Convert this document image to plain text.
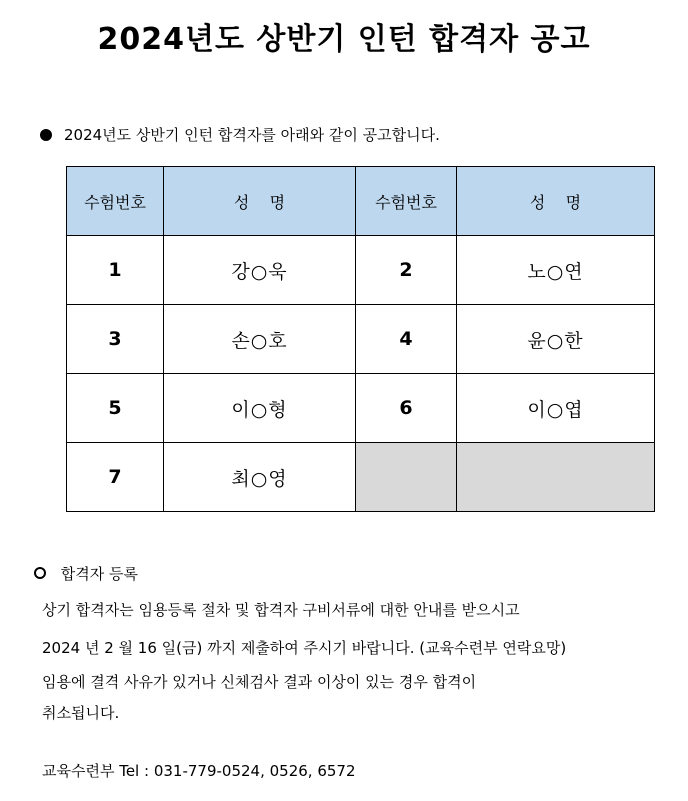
2024년도 상반기 인턴 합격자 공고
2024년도 상반기 인턴 합격자를 아래와 같이 공고합니다.
수험번호	성    명	수험번호	성    명
1	강○욱	2	노○연
3	손○호	4	윤○한
5	이○형	6	이○엽
7	최○영		
합격자 등록
상기 합격자는 임용등록 절차 및 합격자 구비서류에 대한 안내를 받으시고
2024 년 2 월 16 일(금) 까지 제출하여 주시기 바랍니다. (교육수련부 연락요망)
임용에 결격 사유가 있거나 신체검사 결과 이상이 있는 경우 합격이
취소됩니다.
교육수련부 Tel : 031-779-0524, 0526, 6572
